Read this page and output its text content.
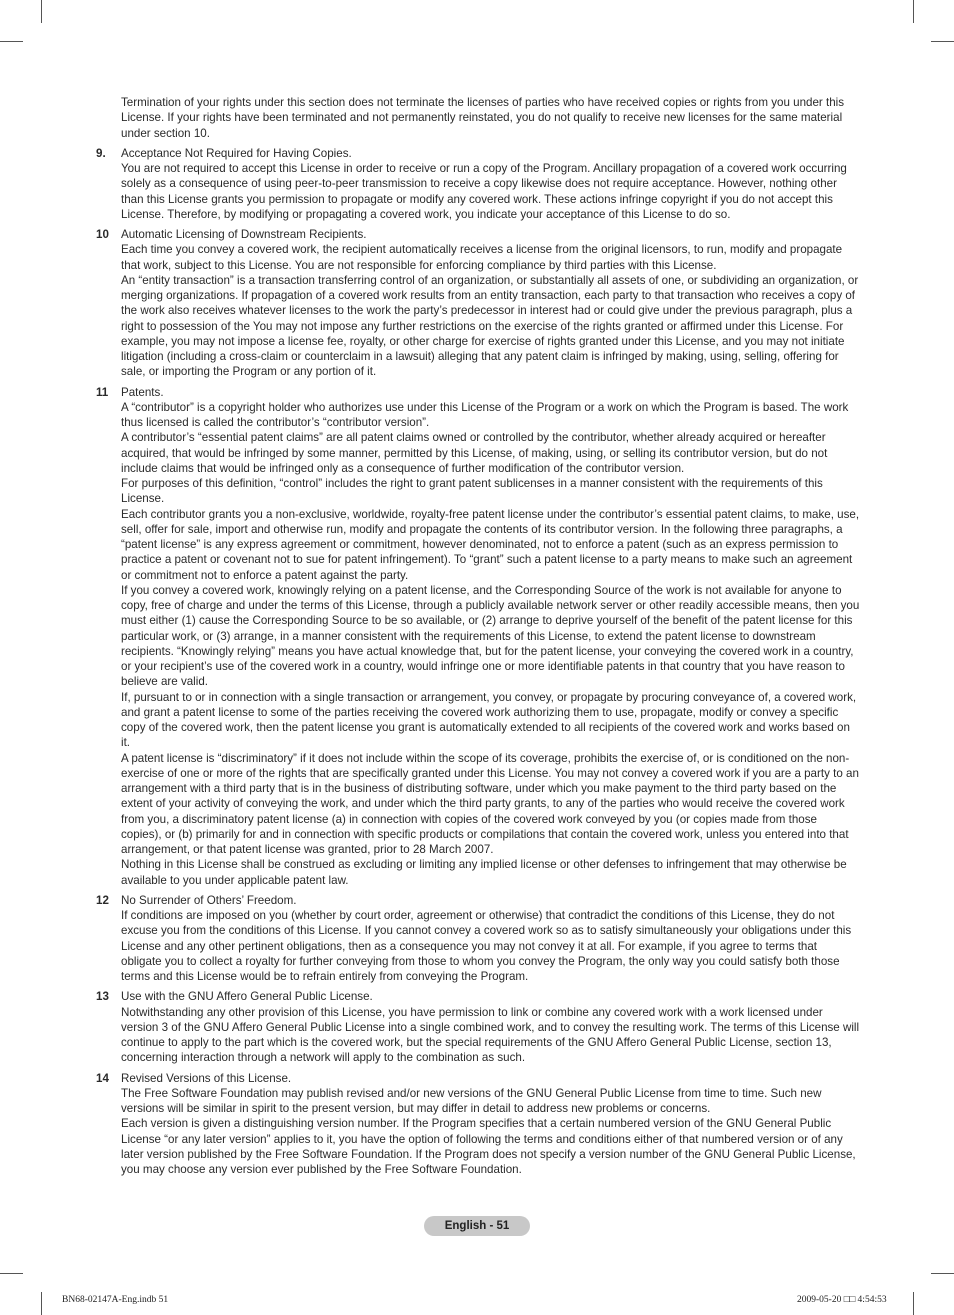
Termination of your rights under this section does not terminate the licenses of parties who have received copies or rights from you under this License. If your rights have been terminated and not permanently reinstated, you do not qualify to receive new licenses for the same material under section 10.
9. Acceptance Not Required for Having Copies.

You are not required to accept this License in order to receive or run a copy of the Program. Ancillary propagation of a covered work occurring solely as a consequence of using peer-to-peer transmission to receive a copy likewise does not require acceptance. However, nothing other than this License grants you permission to propagate or modify any covered work. These actions infringe copyright if you do not accept this License. Therefore, by modifying or propagating a covered work, you indicate your acceptance of this License to do so.

10 Automatic Licensing of Downstream Recipients.

Each time you convey a covered work, the recipient automatically receives a license from the original licensors, to run, modify and propagate that work, subject to this License. You are not responsible for enforcing compliance by third parties with this License.

An “entity transaction” is a transaction transferring control of an organization, or substantially all assets of one, or subdividing an organization, or merging organizations. If propagation of a covered work results from an entity transaction, each party to that transaction who receives a copy of the work also receives whatever licenses to the work the party’s predecessor in interest had or could give under the previous paragraph, plus a right to possession of the You may not impose any further restrictions on the exercise of the rights granted or affirmed under this License. For example, you may not impose a license fee, royalty, or other charge for exercise of rights granted under this License, and you may not initiate litigation (including a cross-claim or counterclaim in a lawsuit) alleging that any patent claim is infringed by making, using, selling, offering for sale, or importing the Program or any portion of it.

11 Patents.

A “contributor” is a copyright holder who authorizes use under this License of the Program or a work on which the Program is based. The work thus licensed is called the contributor’s “contributor version”.

A contributor’s “essential patent claims” are all patent claims owned or controlled by the contributor, whether already acquired or hereafter acquired, that would be infringed by some manner, permitted by this License, of making, using, or selling its contributor version, but do not include claims that would be infringed only as a consequence of further modification of the contributor version.

For purposes of this definition, “control” includes the right to grant patent sublicenses in a manner consistent with the requirements of this License.

Each contributor grants you a non-exclusive, worldwide, royalty-free patent license under the contributor’s essential patent claims, to make, use, sell, offer for sale, import and otherwise run, modify and propagate the contents of its contributor version. In the following three paragraphs, a “patent license” is any express agreement or commitment, however denominated, not to enforce a patent (such as an express permission to practice a patent or covenant not to sue for patent infringement). To “grant” such a patent license to a party means to make such an agreement or commitment not to enforce a patent against the party.

If you convey a covered work, knowingly relying on a patent license, and the Corresponding Source of the work is not available for anyone to copy, free of charge and under the terms of this License, through a publicly available network server or other readily accessible means, then you must either (1) cause the Corresponding Source to be so available, or (2) arrange to deprive yourself of the benefit of the patent license for this particular work, or (3) arrange, in a manner consistent with the requirements of this License, to extend the patent license to downstream recipients. “Knowingly relying” means you have actual knowledge that, but for the patent license, your conveying the covered work in a country, or your recipient’s use of the covered work in a country, would infringe one or more identifiable patents in that country that you have reason to believe are valid.

If, pursuant to or in connection with a single transaction or arrangement, you convey, or propagate by procuring conveyance of, a covered work, and grant a patent license to some of the parties receiving the covered work authorizing them to use, propagate, modify or convey a specific copy of the covered work, then the patent license you grant is automatically extended to all recipients of the covered work and works based on it.

A patent license is “discriminatory” if it does not include within the scope of its coverage, prohibits the exercise of, or is conditioned on the non-exercise of one or more of the rights that are specifically granted under this License. You may not convey a covered work if you are a party to an arrangement with a third party that is in the business of distributing software, under which you make payment to the third party based on the extent of your activity of conveying the work, and under which the third party grants, to any of the parties who would receive the covered work from you, a discriminatory patent license (a) in connection with copies of the covered work conveyed by you (or copies made from those copies), or (b) primarily for and in connection with specific products or compilations that contain the covered work, unless you entered into that arrangement, or that patent license was granted, prior to 28 March 2007.

Nothing in this License shall be construed as excluding or limiting any implied license or other defenses to infringement that may otherwise be available to you under applicable patent law.

12 No Surrender of Others’ Freedom.

If conditions are imposed on you (whether by court order, agreement or otherwise) that contradict the conditions of this License, they do not excuse you from the conditions of this License. If you cannot convey a covered work so as to satisfy simultaneously your obligations under this License and any other pertinent obligations, then as a consequence you may not convey it at all. For example, if you agree to terms that obligate you to collect a royalty for further conveying from those to whom you convey the Program, the only way you could satisfy both those terms and this License would be to refrain entirely from conveying the Program.

13 Use with the GNU Affero General Public License.

Notwithstanding any other provision of this License, you have permission to link or combine any covered work with a work licensed under version 3 of the GNU Affero General Public License into a single combined work, and to convey the resulting work. The terms of this License will continue to apply to the part which is the covered work, but the special requirements of the GNU Affero General Public License, section 13, concerning interaction through a network will apply to the combination as such.

14 Revised Versions of this License.

The Free Software Foundation may publish revised and/or new versions of the GNU General Public License from time to time. Such new versions will be similar in spirit to the present version, but may differ in detail to address new problems or concerns.

Each version is given a distinguishing version number. If the Program specifies that a certain numbered version of the GNU General Public License “or any later version” applies to it, you have the option of following the terms and conditions either of that numbered version or of any later version published by the Free Software Foundation. If the Program does not specify a version number of the GNU General Public License, you may choose any version ever published by the Free Software Foundation.

English - 51
BN68-02147A-Eng.indb 51	2009-05-20 □□ 4:54:53
